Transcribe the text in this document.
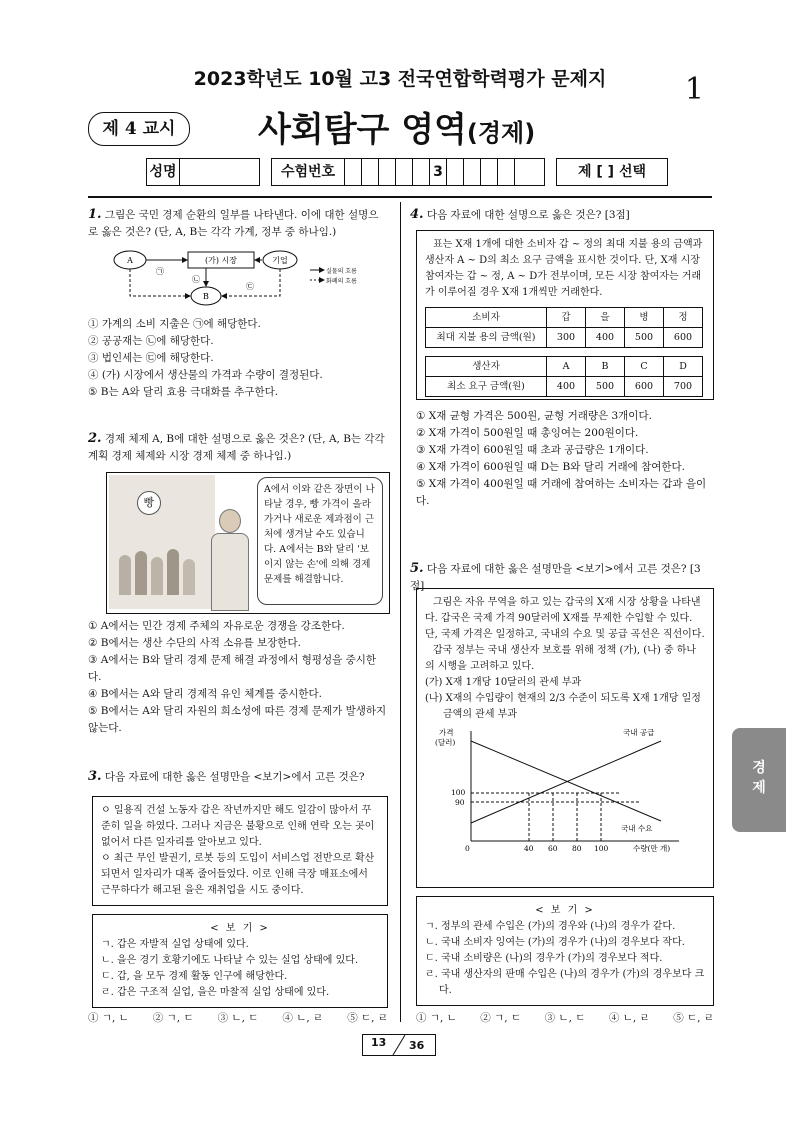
2023학년도 10월 고3 전국연합학력평가 문제지	1
제 4 교시	사회탐구 영역(경제)
성명	수험번호	3	제 [ ] 선택
1. 그림은 국민 경제 순환의 일부를 나타낸다. 이에 대한 설명으로 옳은 것은? (단, A, B는 각각 가계, 정부 중 하나임.)
A	(가) 시장	기업
B
㉠
㉡
㉢
실물의 흐름
화폐의 흐름
① 가계의 소비 지출은 ㉠에 해당한다.
② 공공재는 ㉡에 해당한다.
③ 법인세는 ㉢에 해당한다.
④ (가) 시장에서 생산물의 가격과 수량이 결정된다.
⑤ B는 A와 달리 효용 극대화를 추구한다.
2. 경제 체제 A, B에 대한 설명으로 옳은 것은? (단, A, B는 각각 계획 경제 체제와 시장 경제 체제 중 하나임.)
빵
A에서 이와 같은 장면이 나타날 경우, 빵 가격이 올라가거나 새로운 제과점이 근처에 생겨날 수도 있습니다. A에서는 B와 달리 '보이지 않는 손'에 의해 경제 문제를 해결합니다.
① A에서는 민간 경제 주체의 자유로운 경쟁을 강조한다.
② B에서는 생산 수단의 사적 소유를 보장한다.
③ A에서는 B와 달리 경제 문제 해결 과정에서 형평성을 중시한다.
④ B에서는 A와 달리 경제적 유인 체계를 중시한다.
⑤ B에서는 A와 달리 자원의 희소성에 따른 경제 문제가 발생하지 않는다.
3. 다음 자료에 대한 옳은 설명만을 <보기>에서 고른 것은?
ㅇ 일용직 건설 노동자 갑은 작년까지만 해도 일감이 많아서 꾸준히 일을 하였다. 그러나 지금은 불황으로 인해 연락 오는 곳이 없어서 다른 일자리를 알아보고 있다.
ㅇ 최근 무인 발권기, 로봇 등의 도입이 서비스업 전반으로 확산되면서 일자리가 대폭 줄어들었다. 이로 인해 극장 매표소에서 근무하다가 해고된 을은 재취업을 시도 중이다.
< 보 기 >
ㄱ. 갑은 자발적 실업 상태에 있다.
ㄴ. 을은 경기 호황기에도 나타날 수 있는 실업 상태에 있다.
ㄷ. 갑, 을 모두 경제 활동 인구에 해당한다.
ㄹ. 갑은 구조적 실업, 을은 마찰적 실업 상태에 있다.
① ㄱ, ㄴ ② ㄱ, ㄷ ③ ㄴ, ㄷ ④ ㄴ, ㄹ ⑤ ㄷ, ㄹ
4. 다음 자료에 대한 설명으로 옳은 것은? [3점]
표는 X재 1개에 대한 소비자 갑 ~ 정의 최대 지불 용의 금액과 생산자 A ~ D의 최소 요구 금액을 표시한 것이다. 단, X재 시장 참여자는 갑 ~ 정, A ~ D가 전부이며, 모든 시장 참여자는 거래가 이루어질 경우 X재 1개씩만 거래한다.
소비자	갑	을	병	정
최대 지불 용의 금액(원)	300	400	500	600
생산자	A	B	C	D
최소 요구 금액(원)	400	500	600	700
① X재 균형 가격은 500원, 균형 거래량은 3개이다.
② X재 가격이 500원일 때 총잉여는 200원이다.
③ X재 가격이 600원일 때 초과 공급량은 1개이다.
④ X재 가격이 600원일 때 D는 B와 달리 거래에 참여한다.
⑤ X재 가격이 400원일 때 거래에 참여하는 소비자는 갑과 을이다.
5. 다음 자료에 대한 옳은 설명만을 <보기>에서 고른 것은? [3점]
그림은 자유 무역을 하고 있는 갑국의 X재 시장 상황을 나타낸다. 갑국은 국제 가격 90달러에 X재를 무제한 수입할 수 있다. 단, 국제 가격은 일정하고, 국내의 수요 및 공급 곡선은 직선이다.
갑국 정부는 국내 생산자 보호를 위해 정책 (가), (나) 중 하나의 시행을 고려하고 있다.
(가) X재 1개당 10달러의 관세 부과
(나) X재의 수입량이 현재의 2/3 수준이 되도록 X재 1개당 일정 금액의 관세 부과
가격
(달러)
국내 공급
국내 수요
100
90
0	40 60 80 100	수량(만 개)
< 보 기 >
ㄱ. 정부의 관세 수입은 (가)의 경우와 (나)의 경우가 같다.
ㄴ. 국내 소비자 잉여는 (가)의 경우가 (나)의 경우보다 작다.
ㄷ. 국내 소비량은 (나)의 경우가 (가)의 경우보다 적다.
ㄹ. 국내 생산자의 판매 수입은 (나)의 경우가 (가)의 경우보다 크다.
① ㄱ, ㄴ ② ㄱ, ㄷ ③ ㄴ, ㄷ ④ ㄴ, ㄹ ⑤ ㄷ, ㄹ
경
제
13 36
